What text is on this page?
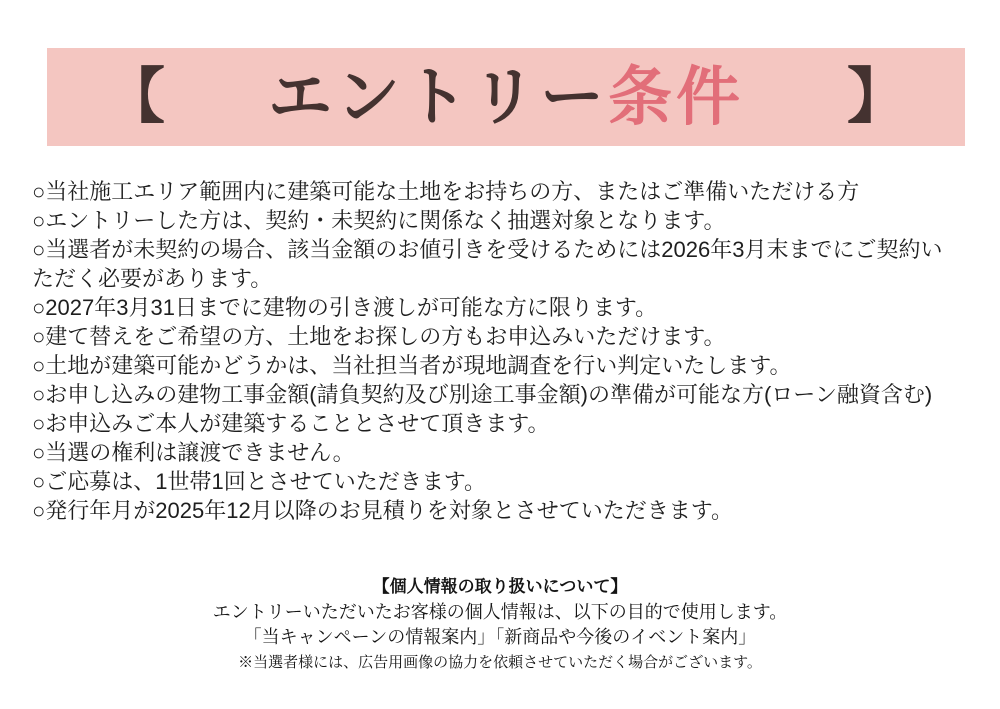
【 エントリー条件 】
○当社施工エリア範囲内に建築可能な土地をお持ちの方、またはご準備いただける方
○エントリーした方は、契約・未契約に関係なく抽選対象となります。
○当選者が未契約の場合、該当金額のお値引きを受けるためには2026年3月末までにご契約いただく必要があります。
○2027年3月31日までに建物の引き渡しが可能な方に限ります。
○建て替えをご希望の方、土地をお探しの方もお申込みいただけます。
○土地が建築可能かどうかは、当社担当者が現地調査を行い判定いたします。
○お申し込みの建物工事金額(請負契約及び別途工事金額)の準備が可能な方(ローン融資含む)
○お申込みご本人が建築することとさせて頂きます。
○当選の権利は譲渡できません。
○ご応募は、1世帯1回とさせていただきます。
○発行年月が2025年12月以降のお見積りを対象とさせていただきます。
【個人情報の取り扱いについて】
エントリーいただいたお客様の個人情報は、以下の目的で使用します。
「当キャンペーンの情報案内」「新商品や今後のイベント案内」
※当選者様には、広告用画像の協力を依頼させていただく場合がございます。
